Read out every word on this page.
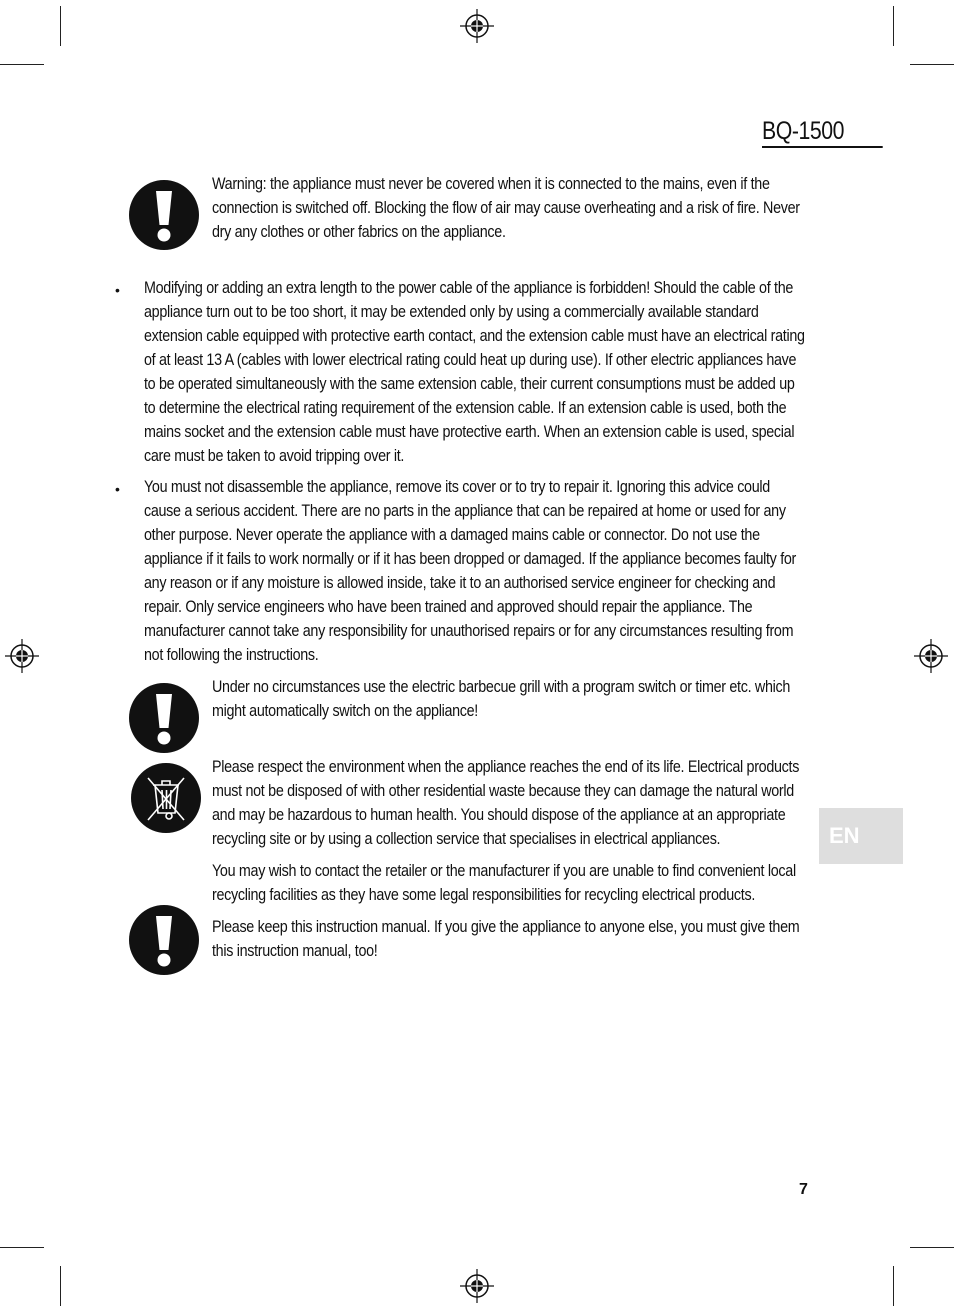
BQ-1500
Warning: the appliance must never be covered when it is connected to the mains, even if the connection is switched off. Blocking the flow of air may cause overheating and a risk of fire. Never dry any clothes or other fabrics on the appliance.
• Modifying or adding an extra length to the power cable of the appliance is forbidden! Should the cable of the appliance turn out to be too short, it may be extended only by using a commercially available standard extension cable equipped with protective earth contact, and the extension cable must have an electrical rating of at least 13 A (cables with lower electrical rating could heat up during use). If other electric appliances have to be operated simultaneously with the same extension cable, their current consumptions must be added up to determine the electrical rating requirement of the extension cable. If an extension cable is used, both the mains socket and the extension cable must have protective earth. When an extension cable is used, special care must be taken to avoid tripping over it.
• You must not disassemble the appliance, remove its cover or to try to repair it. Ignoring this advice could cause a serious accident. There are no parts in the appliance that can be repaired at home or used for any other purpose. Never operate the appliance with a damaged mains cable or connector. Do not use the appliance if it fails to work normally or if it has been dropped or damaged. If the appliance becomes faulty for any reason or if any moisture is allowed inside, take it to an authorised service engineer for checking and repair. Only service engineers who have been trained and approved should repair the appliance. The manufacturer cannot take any responsibility for unauthorised repairs or for any circumstances resulting from not following the instructions.
Under no circumstances use the electric barbecue grill with a program switch or timer etc. which might automatically switch on the appliance!
Please respect the environment when the appliance reaches the end of its life. Electrical products must not be disposed of with other residential waste because they can damage the natural world and may be hazardous to human health. You should dispose of the appliance at an appropriate recycling site or by using a collection service that specialises in electrical appliances.
You may wish to contact the retailer or the manufacturer if you are unable to find convenient local recycling facilities as they have some legal responsibilities for recycling electrical products.
Please keep this instruction manual. If you give the appliance to anyone else, you must give them this instruction manual, too!
EN
7
